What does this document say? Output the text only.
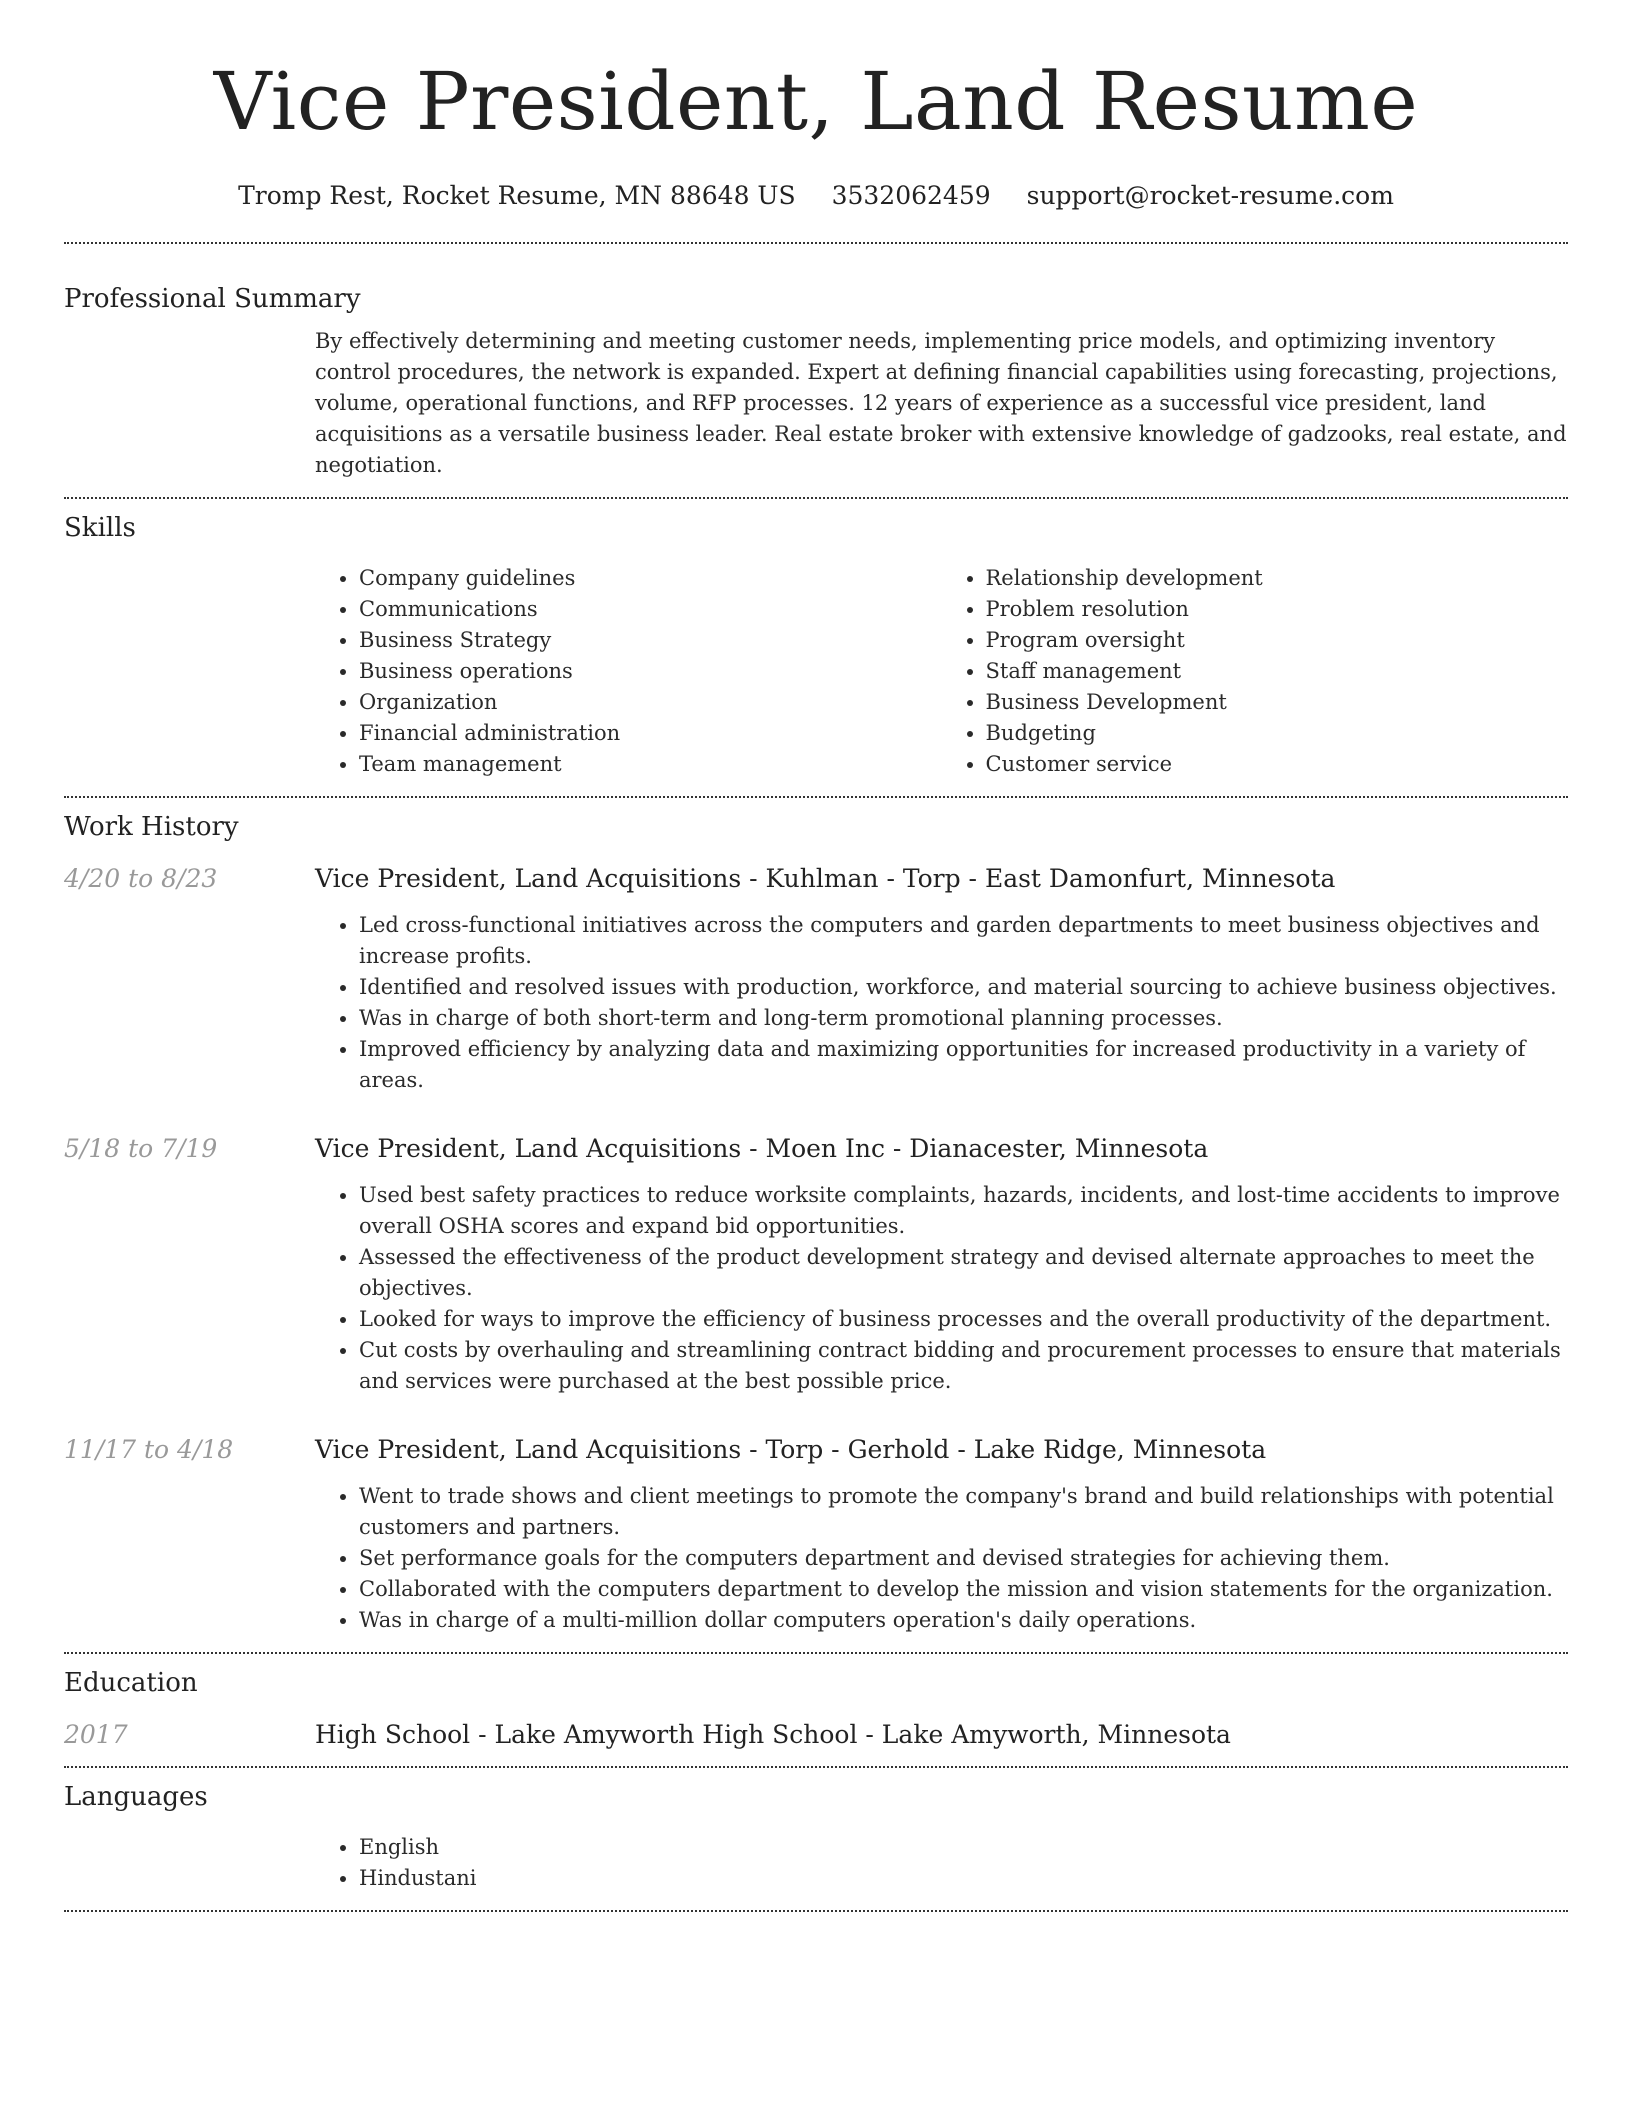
Vice President, Land Resume
Tromp Rest, Rocket Resume, MN 88648 US 3532062459 support@rocket-resume.com
Professional Summary
By effectively determining and meeting customer needs, implementing price models, and optimizing inventory control procedures, the network is expanded. Expert at defining financial capabilities using forecasting, projections, volume, operational functions, and RFP processes. 12 years of experience as a successful vice president, land acquisitions as a versatile business leader. Real estate broker with extensive knowledge of gadzooks, real estate, and negotiation.
Skills
• Company guidelines
• Communications
• Business Strategy
• Business operations
• Organization
• Financial administration
• Team management
• Relationship development
• Problem resolution
• Program oversight
• Staff management
• Business Development
• Budgeting
• Customer service
Work History
4/20 to 8/23	Vice President, Land Acquisitions - Kuhlman - Torp - East Damonfurt, Minnesota
• Led cross-functional initiatives across the computers and garden departments to meet business objectives and increase profits.
• Identified and resolved issues with production, workforce, and material sourcing to achieve business objectives.
• Was in charge of both short-term and long-term promotional planning processes.
• Improved efficiency by analyzing data and maximizing opportunities for increased productivity in a variety of areas.
5/18 to 7/19	Vice President, Land Acquisitions - Moen Inc - Dianacester, Minnesota
• Used best safety practices to reduce worksite complaints, hazards, incidents, and lost-time accidents to improve overall OSHA scores and expand bid opportunities.
• Assessed the effectiveness of the product development strategy and devised alternate approaches to meet the objectives.
• Looked for ways to improve the efficiency of business processes and the overall productivity of the department.
• Cut costs by overhauling and streamlining contract bidding and procurement processes to ensure that materials and services were purchased at the best possible price.
11/17 to 4/18	Vice President, Land Acquisitions - Torp - Gerhold - Lake Ridge, Minnesota
• Went to trade shows and client meetings to promote the company's brand and build relationships with potential customers and partners.
• Set performance goals for the computers department and devised strategies for achieving them.
• Collaborated with the computers department to develop the mission and vision statements for the organization.
• Was in charge of a multi-million dollar computers operation's daily operations.
Education
2017	High School - Lake Amyworth High School - Lake Amyworth, Minnesota
Languages
• English
• Hindustani
